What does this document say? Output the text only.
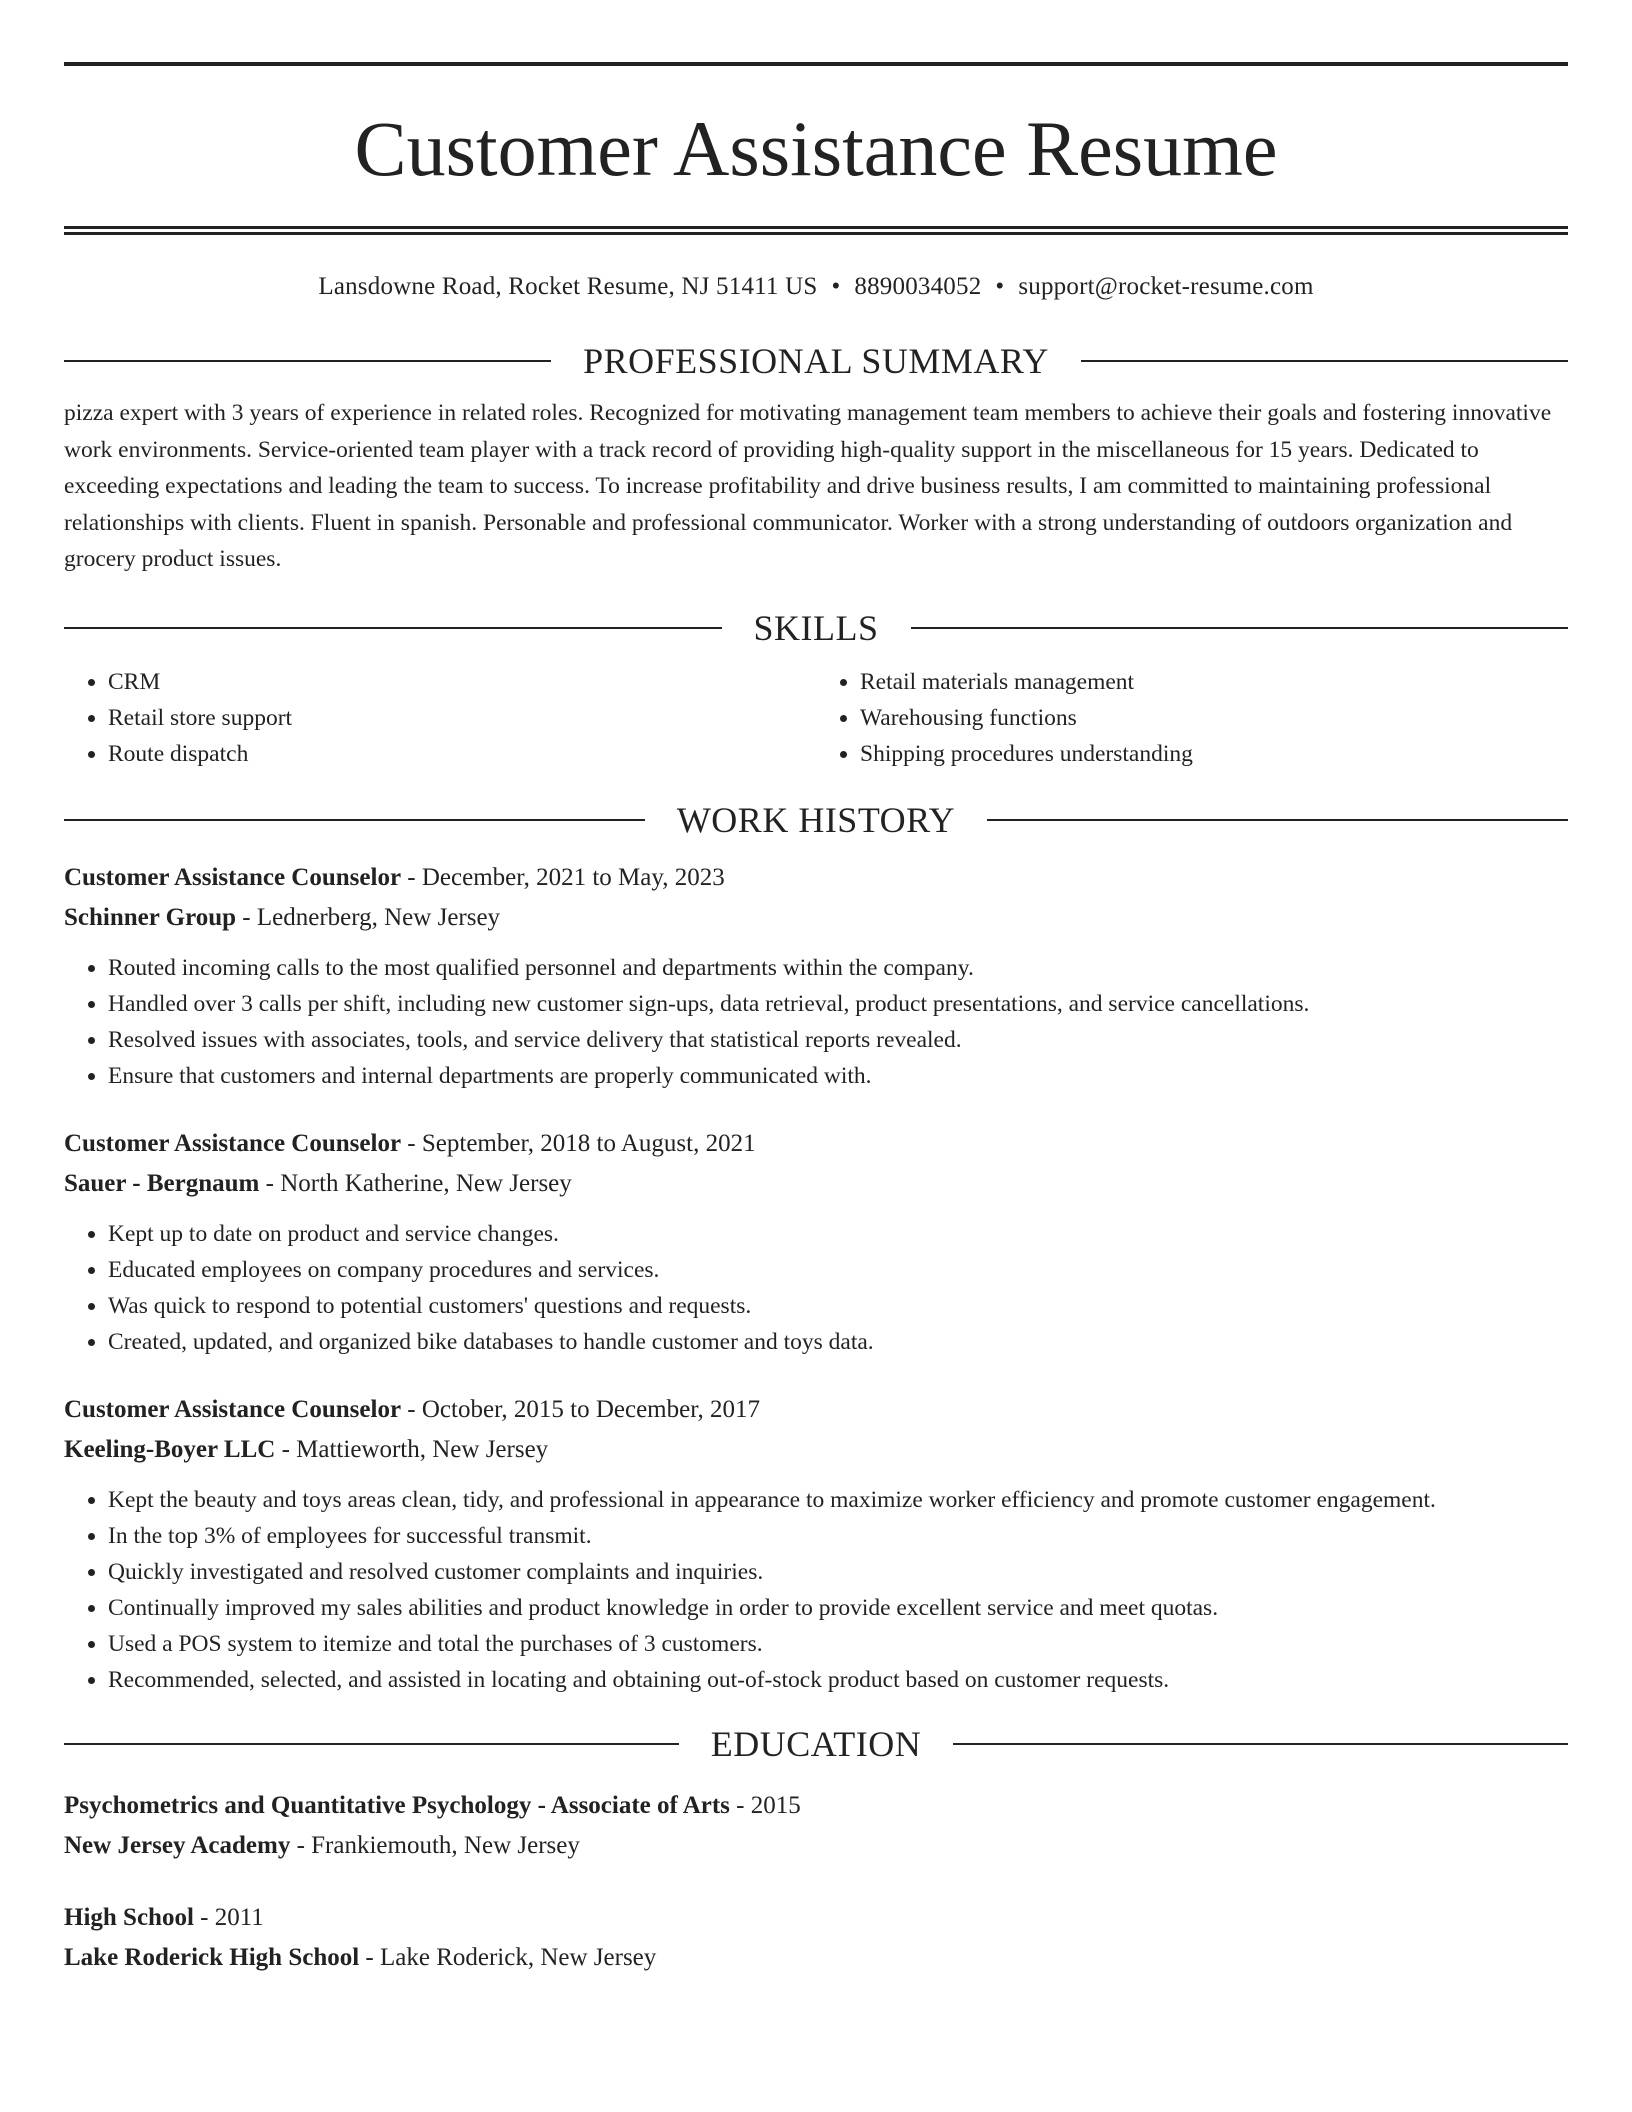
Customer Assistance Resume
Lansdowne Road, Rocket Resume, NJ 51411 US • 8890034052 • support@rocket-resume.com
PROFESSIONAL SUMMARY

pizza expert with 3 years of experience in related roles. Recognized for motivating management team members to achieve their goals and fostering innovative work environments. Service-oriented team player with a track record of providing high-quality support in the miscellaneous for 15 years. Dedicated to exceeding expectations and leading the team to success. To increase profitability and drive business results, I am committed to maintaining professional relationships with clients. Fluent in spanish. Personable and professional communicator. Worker with a strong understanding of outdoors organization and grocery product issues.

SKILLS
• CRM
• Retail store support
• Route dispatch
• Retail materials management
• Warehousing functions
• Shipping procedures understanding
WORK HISTORY
Customer Assistance Counselor - December, 2021 to May, 2023
Schinner Group - Lednerberg, New Jersey
• Routed incoming calls to the most qualified personnel and departments within the company.
• Handled over 3 calls per shift, including new customer sign-ups, data retrieval, product presentations, and service cancellations.
• Resolved issues with associates, tools, and service delivery that statistical reports revealed.
• Ensure that customers and internal departments are properly communicated with.
Customer Assistance Counselor - September, 2018 to August, 2021
Sauer - Bergnaum - North Katherine, New Jersey
• Kept up to date on product and service changes.
• Educated employees on company procedures and services.
• Was quick to respond to potential customers' questions and requests.
• Created, updated, and organized bike databases to handle customer and toys data.
Customer Assistance Counselor - October, 2015 to December, 2017
Keeling-Boyer LLC - Mattieworth, New Jersey
• Kept the beauty and toys areas clean, tidy, and professional in appearance to maximize worker efficiency and promote customer engagement.
• In the top 3% of employees for successful transmit.
• Quickly investigated and resolved customer complaints and inquiries.
• Continually improved my sales abilities and product knowledge in order to provide excellent service and meet quotas.
• Used a POS system to itemize and total the purchases of 3 customers.
• Recommended, selected, and assisted in locating and obtaining out-of-stock product based on customer requests.
EDUCATION
Psychometrics and Quantitative Psychology - Associate of Arts - 2015
New Jersey Academy - Frankiemouth, New Jersey
High School - 2011
Lake Roderick High School - Lake Roderick, New Jersey
